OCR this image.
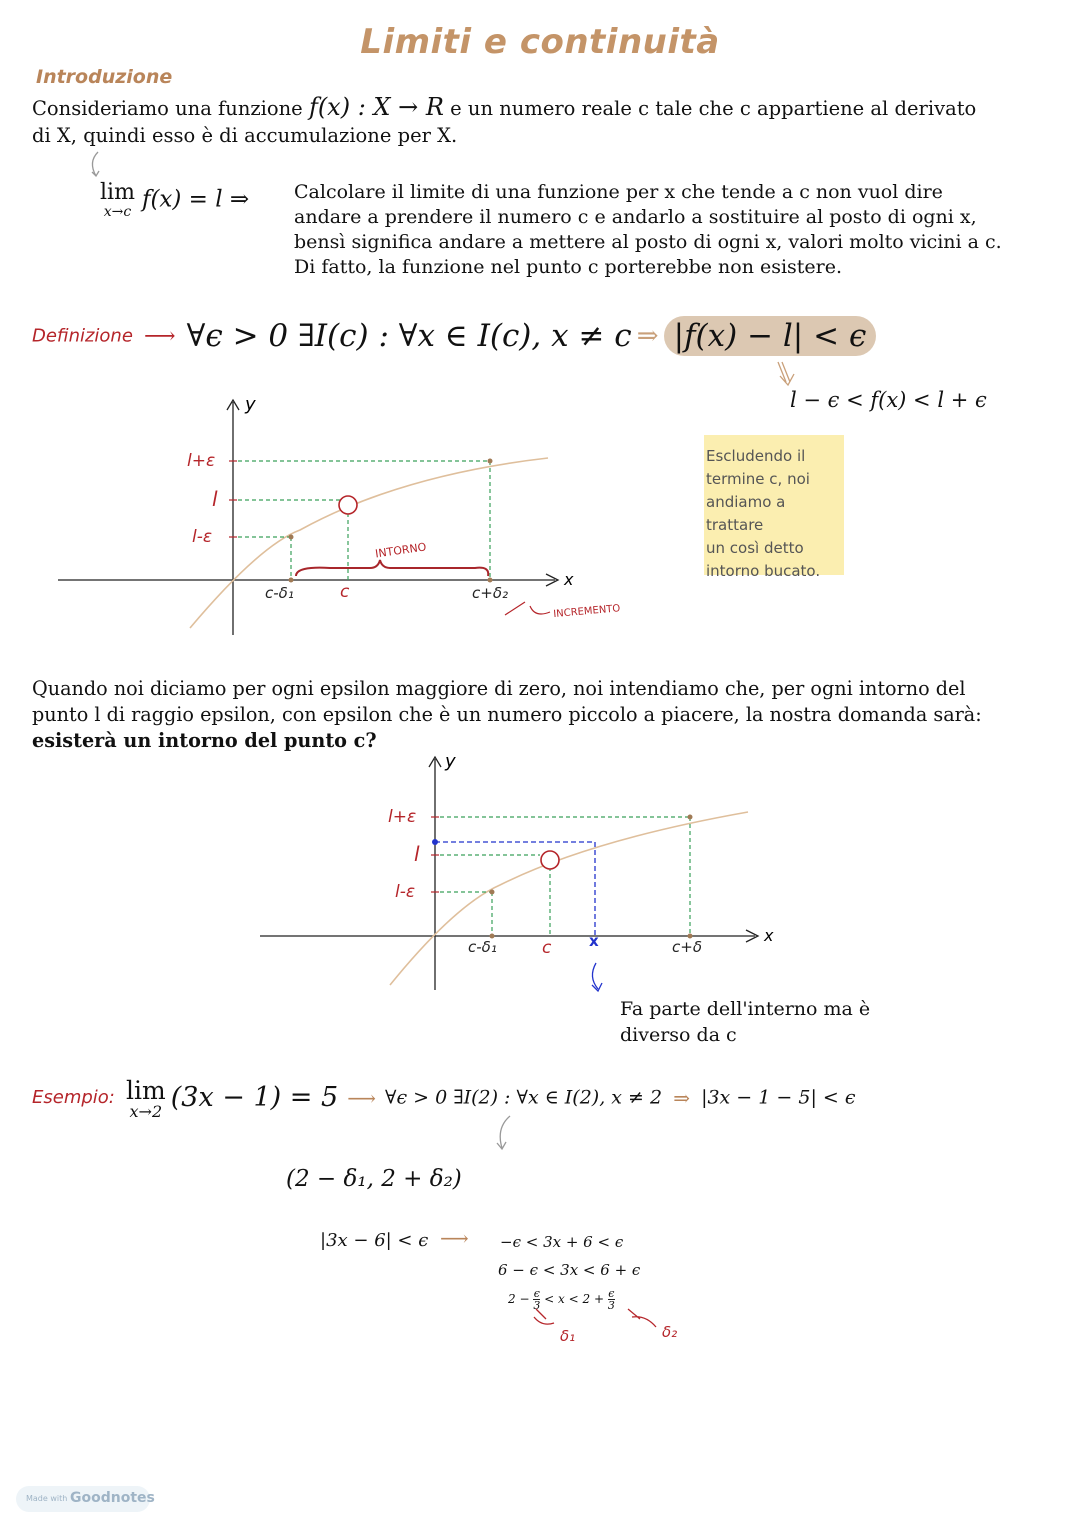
Limiti e continuità
Introduzione
Consideriamo una funzione f(x) : X → R e un numero reale c tale che c appartiene al derivato
di X, quindi esso è di accumulazione per X.
lim
x→c f(x) = l ⇒ Calcolare il limite di una funzione per x che tende a c non vuol dire
andare a prendere il numero c e andarlo a sostituire al posto di ogni x,
bensì significa andare a mettere al posto di ogni x, valori molto vicini a c.
Di fatto, la funzione nel punto c porterebbe non esistere.
Definizione ⟶ ∀ϵ > 0 ∃I(c) : ∀x ∈ I(c), x ≠ c ⇒ |f(x) − l| < ϵ
l − ϵ < f(x) < l + ϵ
Escludendo il
termine c, noi
andiamo a trattare
un così detto
intorno bucato.
y
x
l+ε
l
l-ε
c
c-δ₁	c+δ₂
INTORNO
INCREMENTO
Quando noi diciamo per ogni epsilon maggiore di zero, noi intendiamo che, per ogni intorno del
punto l di raggio epsilon, con epsilon che è un numero piccolo a piacere, la nostra domanda sarà:
esisterà un intorno del punto c?
y
x
l+ε
l
l-ε
c
c-δ₁	c+δ
x
Fa parte dell'interno ma è
diverso da c
Esempio: lim
x→2 (3x − 1) = 5 ⟶ ∀ϵ > 0 ∃I(2) : ∀x ∈ I(2), x ≠ 2 ⇒ |3x − 1 − 5| < ϵ
(2 − δ₁, 2 + δ₂)
|3x − 6| < ϵ ⟶ −ϵ < 3x + 6 < ϵ
6 − ϵ < 3x < 6 + ϵ
$2 - \frac{\epsilon}{3} < x < 2 + \frac{\epsilon}{3}$
δ₁	δ₂
Made with Goodnotes
